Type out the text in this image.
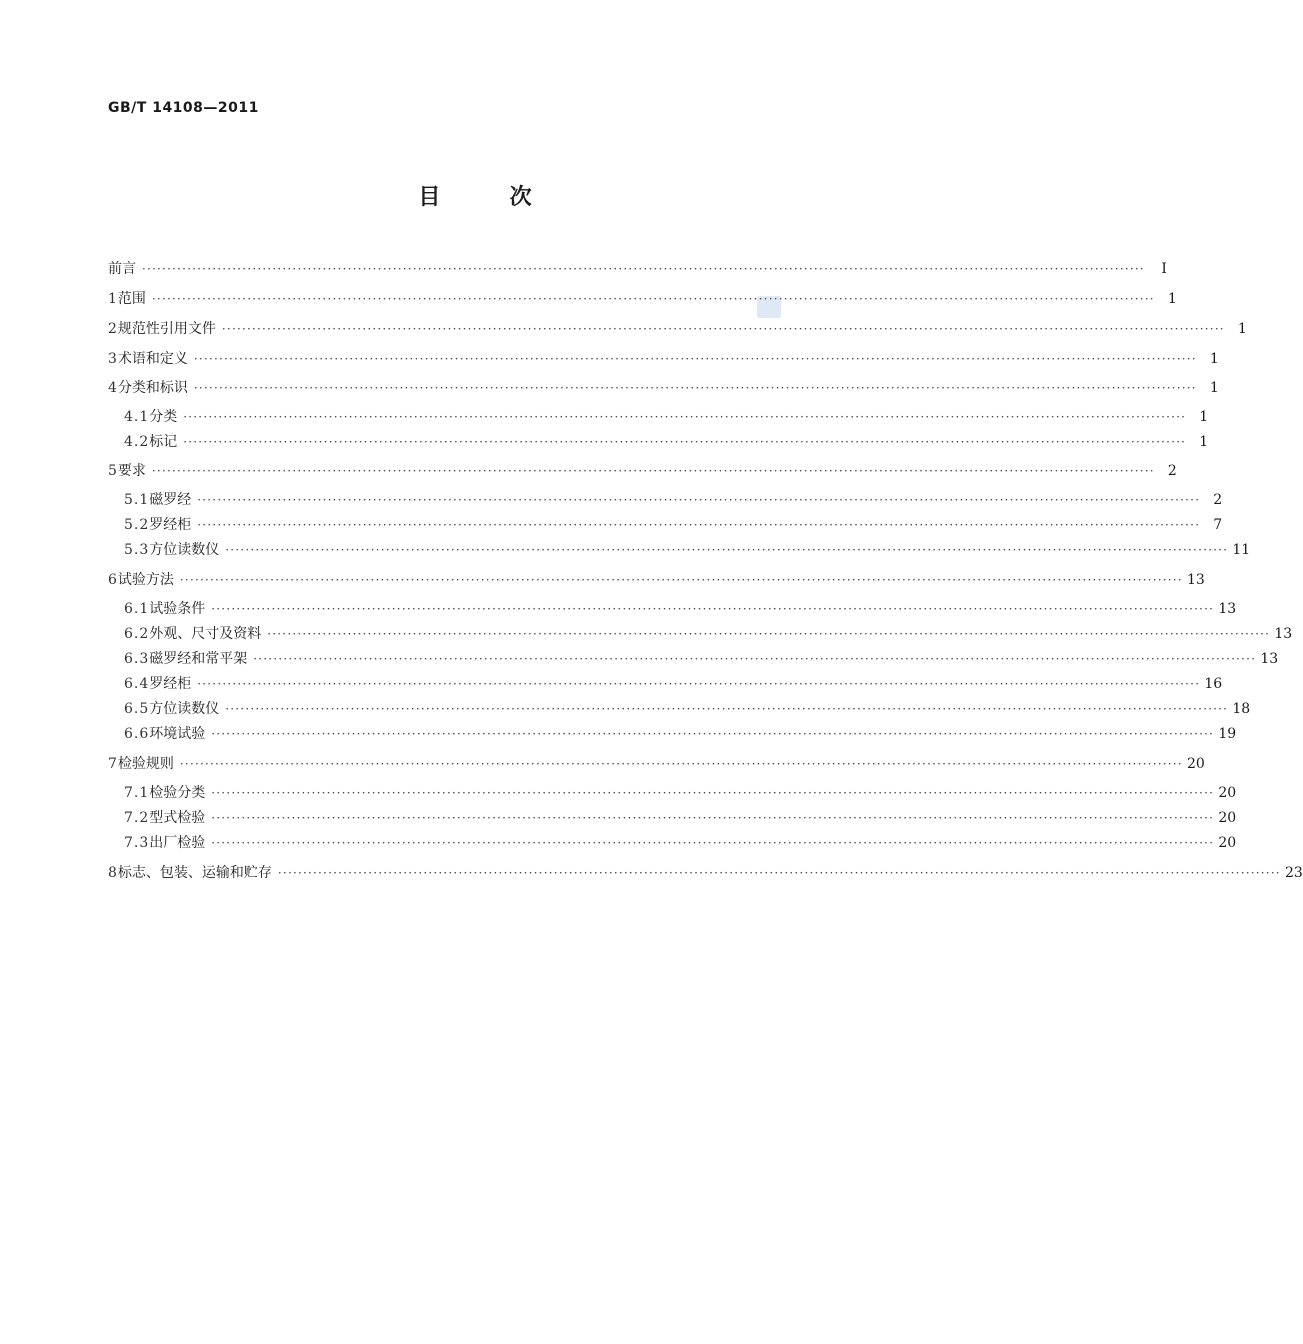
GB/T 14108—2011
目	次
前言 ········································································································································································································	Ⅰ
1 范围 ········································································································································································································ 1
2 规范性引用文件 ········································································································································································································ 1
3 术语和定义 ········································································································································································································ 1
4 分类和标识 ········································································································································································································ 1
4.1 分类 ········································································································································································································ 1
4.2 标记 ········································································································································································································ 1
5 要求 ········································································································································································································ 2
5.1 磁罗经 ········································································································································································································ 2
5.2 罗经柜 ········································································································································································································ 7
5.3 方位读数仪 ········································································································································································································ 11
6 试验方法 ········································································································································································································ 13
6.1 试验条件 ········································································································································································································ 13
6.2 外观、尺寸及资料 ········································································································································································································ 13
6.3 磁罗经和常平架 ········································································································································································································ 13
6.4 罗经柜 ········································································································································································································ 16
6.5 方位读数仪 ········································································································································································································ 18
6.6 环境试验 ········································································································································································································ 19
7 检验规则 ········································································································································································································ 20
7.1 检验分类 ········································································································································································································ 20
7.2 型式检验 ········································································································································································································ 20
7.3 出厂检验 ········································································································································································································ 20
8 标志、包装、运输和贮存 ········································································································································································································ 23
